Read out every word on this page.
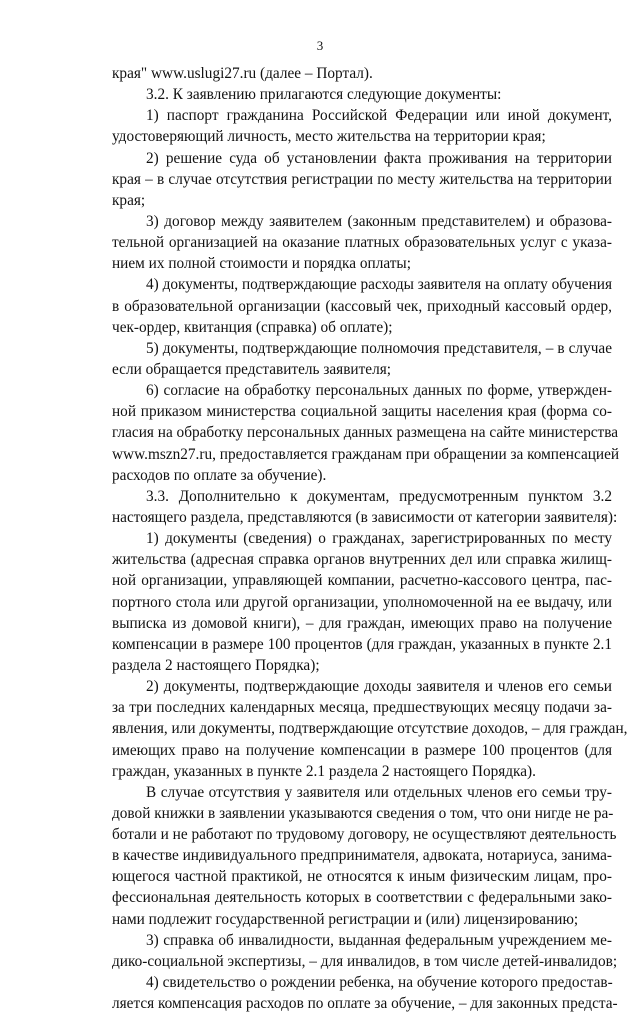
3
края" www.uslugi27.ru (далее – Портал).
3.2. К заявлению прилагаются следующие документы:
1) паспорт гражданина Российской Федерации или иной документ,
удостоверяющий личность, место жительства на территории края;
2) решение суда об установлении факта проживания на территории
края – в случае отсутствия регистрации по месту жительства на территории
края;
3) договор между заявителем (законным представителем) и образова-
тельной организацией на оказание платных образовательных услуг с указа-
нием их полной стоимости и порядка оплаты;
4) документы, подтверждающие расходы заявителя на оплату обучения
в образовательной организации (кассовый чек, приходный кассовый ордер,
чек-ордер, квитанция (справка) об оплате);
5) документы, подтверждающие полномочия представителя, – в случае
если обращается представитель заявителя;
6) согласие на обработку персональных данных по форме, утвержден-
ной приказом министерства социальной защиты населения края (форма со-
гласия на обработку персональных данных размещена на сайте министерства
www.mszn27.ru, предоставляется гражданам при обращении за компенсацией
расходов по оплате за обучение).
3.3. Дополнительно к документам, предусмотренным пунктом 3.2
настоящего раздела, представляются (в зависимости от категории заявителя):
1) документы (сведения) о гражданах, зарегистрированных по месту
жительства (адресная справка органов внутренних дел или справка жилищ-
ной организации, управляющей компании, расчетно-кассового центра, пас-
портного стола или другой организации, уполномоченной на ее выдачу, или
выписка из домовой книги), – для граждан, имеющих право на получение
компенсации в размере 100 процентов (для граждан, указанных в пункте 2.1
раздела 2 настоящего Порядка);
2) документы, подтверждающие доходы заявителя и членов его семьи
за три последних календарных месяца, предшествующих месяцу подачи за-
явления, или документы, подтверждающие отсутствие доходов, – для граждан,
имеющих право на получение компенсации в размере 100 процентов (для
граждан, указанных в пункте 2.1 раздела 2 настоящего Порядка).
В случае отсутствия у заявителя или отдельных членов его семьи тру-
довой книжки в заявлении указываются сведения о том, что они нигде не ра-
ботали и не работают по трудовому договору, не осуществляют деятельность
в качестве индивидуального предпринимателя, адвоката, нотариуса, занима-
ющегося частной практикой, не относятся к иным физическим лицам, про-
фессиональная деятельность которых в соответствии с федеральными зако-
нами подлежит государственной регистрации и (или) лицензированию;
3) справка об инвалидности, выданная федеральным учреждением ме-
дико-социальной экспертизы, – для инвалидов, в том числе детей-инвалидов;
4) свидетельство о рождении ребенка, на обучение которого предостав-
ляется компенсация расходов по оплате за обучение, – для законных предста-
